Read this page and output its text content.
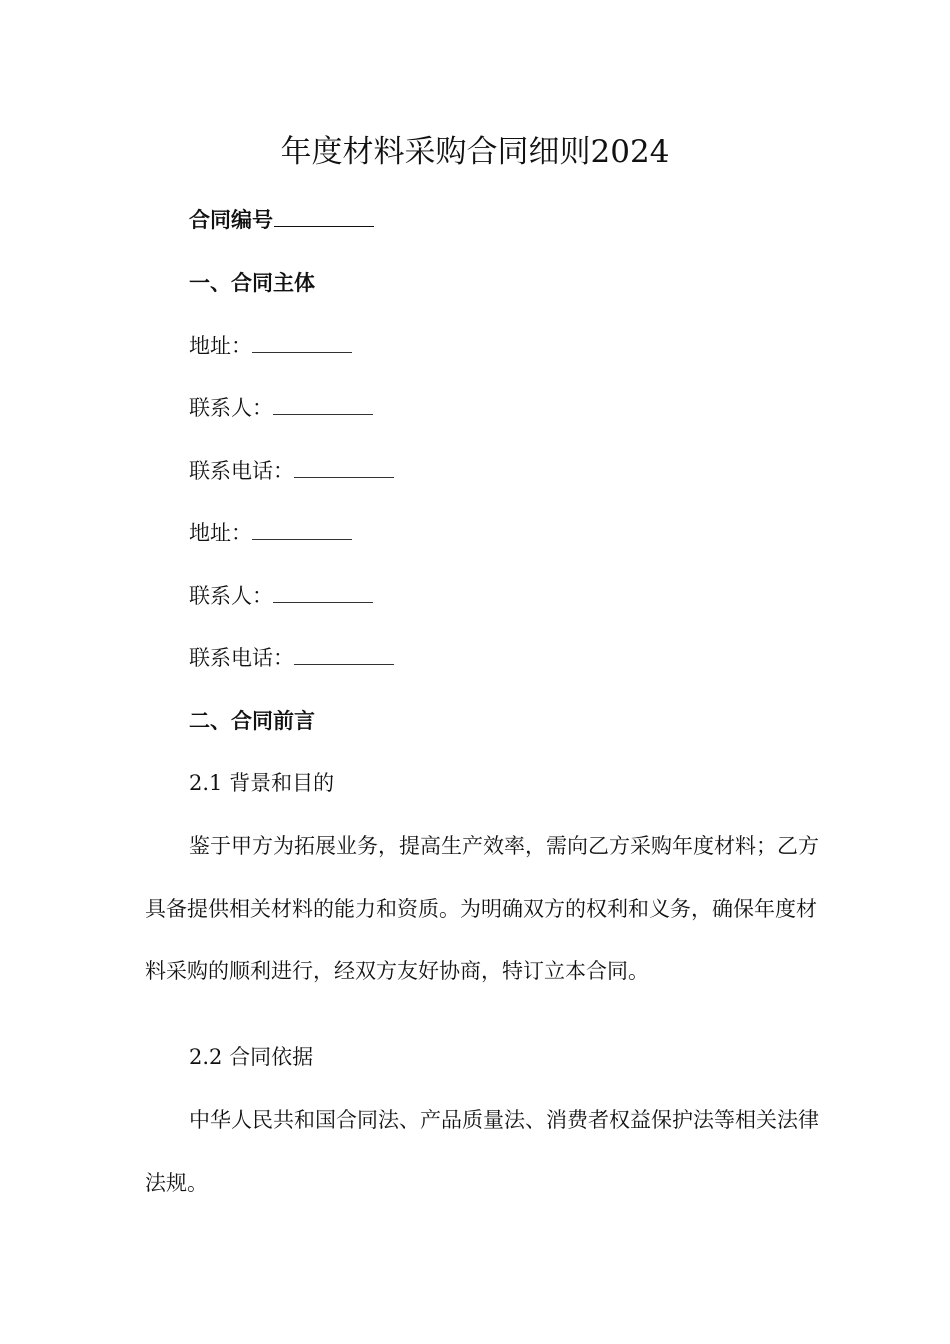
年度材料采购合同细则2024
合同编号
一、合同主体
地址：
联系人：
联系电话：
地址：
联系人：
联系电话：
二、合同前言
2.1 背景和目的

鉴于甲方为拓展业务，提高生产效率，需向乙方采购年度材料；乙方具备提供相关材料的能力和资质。为明确双方的权利和义务，确保年度材料采购的顺利进行，经双方友好协商，特订立本合同。

2.2 合同依据

中华人民共和国合同法、产品质量法、消费者权益保护法等相关法律法规。
